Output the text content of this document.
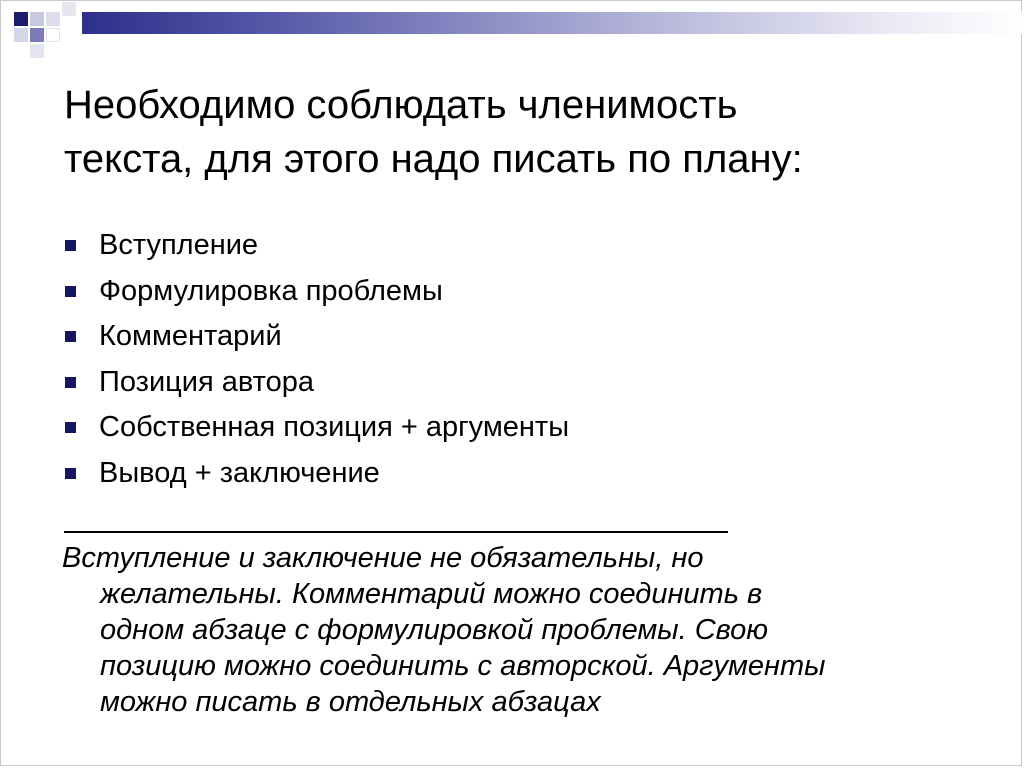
Необходимо соблюдать членимость
текста, для этого надо писать по плану:
Вступление
Формулировка проблемы
Комментарий
Позиция автора
Собственная позиция + аргументы
Вывод + заключение

Вступление и заключение не обязательны, но
желательны. Комментарий можно соединить в
одном абзаце с формулировкой проблемы. Свою
позицию можно соединить с авторской. Аргументы
можно писать в отдельных абзацах
